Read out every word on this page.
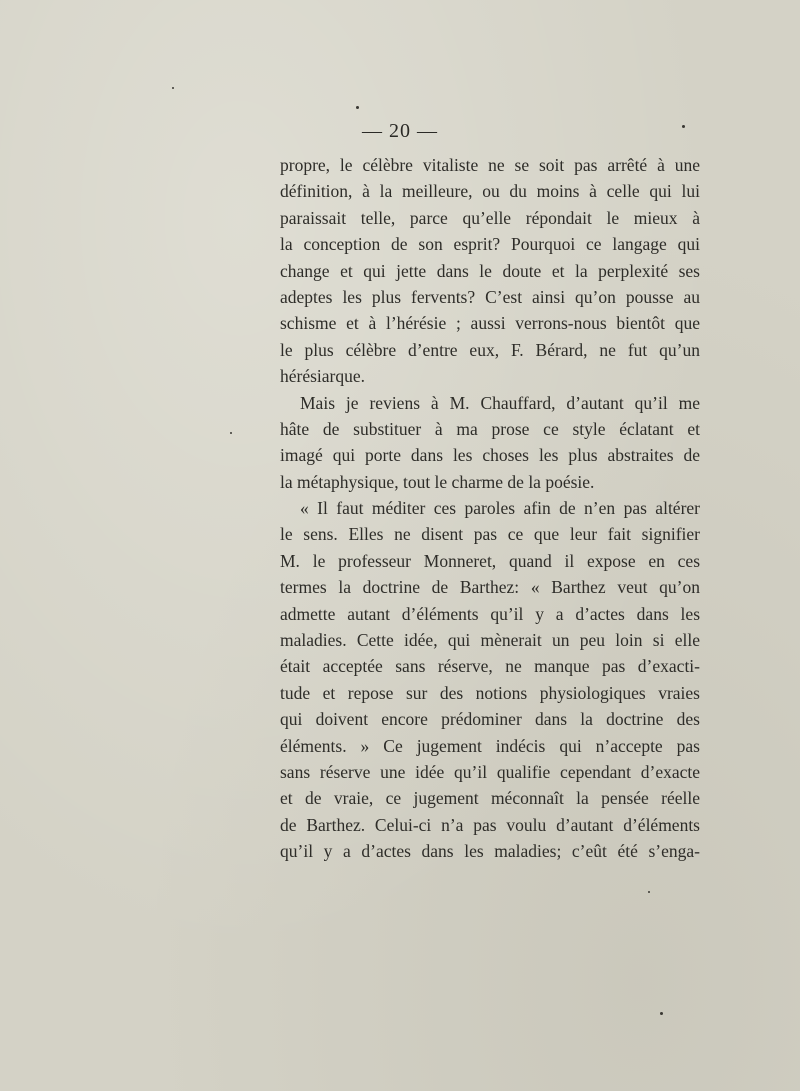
— 20 —
propre, le célèbre vitaliste ne se soit pas arrêté à une
définition, à la meilleure, ou du moins à celle qui lui
paraissait telle, parce qu’elle répondait le mieux à
la conception de son esprit? Pourquoi ce langage qui
change et qui jette dans le doute et la perplexité ses
adeptes les plus fervents? C’est ainsi qu’on pousse au
schisme et à l’hérésie ; aussi verrons-nous bientôt que
le plus célèbre d’entre eux, F. Bérard, ne fut qu’un
hérésiarque.
Mais je reviens à M. Chauffard, d’autant qu’il me
hâte de substituer à ma prose ce style éclatant et
imagé qui porte dans les choses les plus abstraites de
la métaphysique, tout le charme de la poésie.
« Il faut méditer ces paroles afin de n’en pas altérer
le sens. Elles ne disent pas ce que leur fait signifier
M. le professeur Monneret, quand il expose en ces
termes la doctrine de Barthez: « Barthez veut qu’on
admette autant d’éléments qu’il y a d’actes dans les
maladies. Cette idée, qui mènerait un peu loin si elle
était acceptée sans réserve, ne manque pas d’exacti-
tude et repose sur des notions physiologiques vraies
qui doivent encore prédominer dans la doctrine des
éléments. » Ce jugement indécis qui n’accepte pas
sans réserve une idée qu’il qualifie cependant d’exacte
et de vraie, ce jugement méconnaît la pensée réelle
de Barthez. Celui-ci n’a pas voulu d’autant d’éléments
qu’il y a d’actes dans les maladies; c’eût été s’enga-
